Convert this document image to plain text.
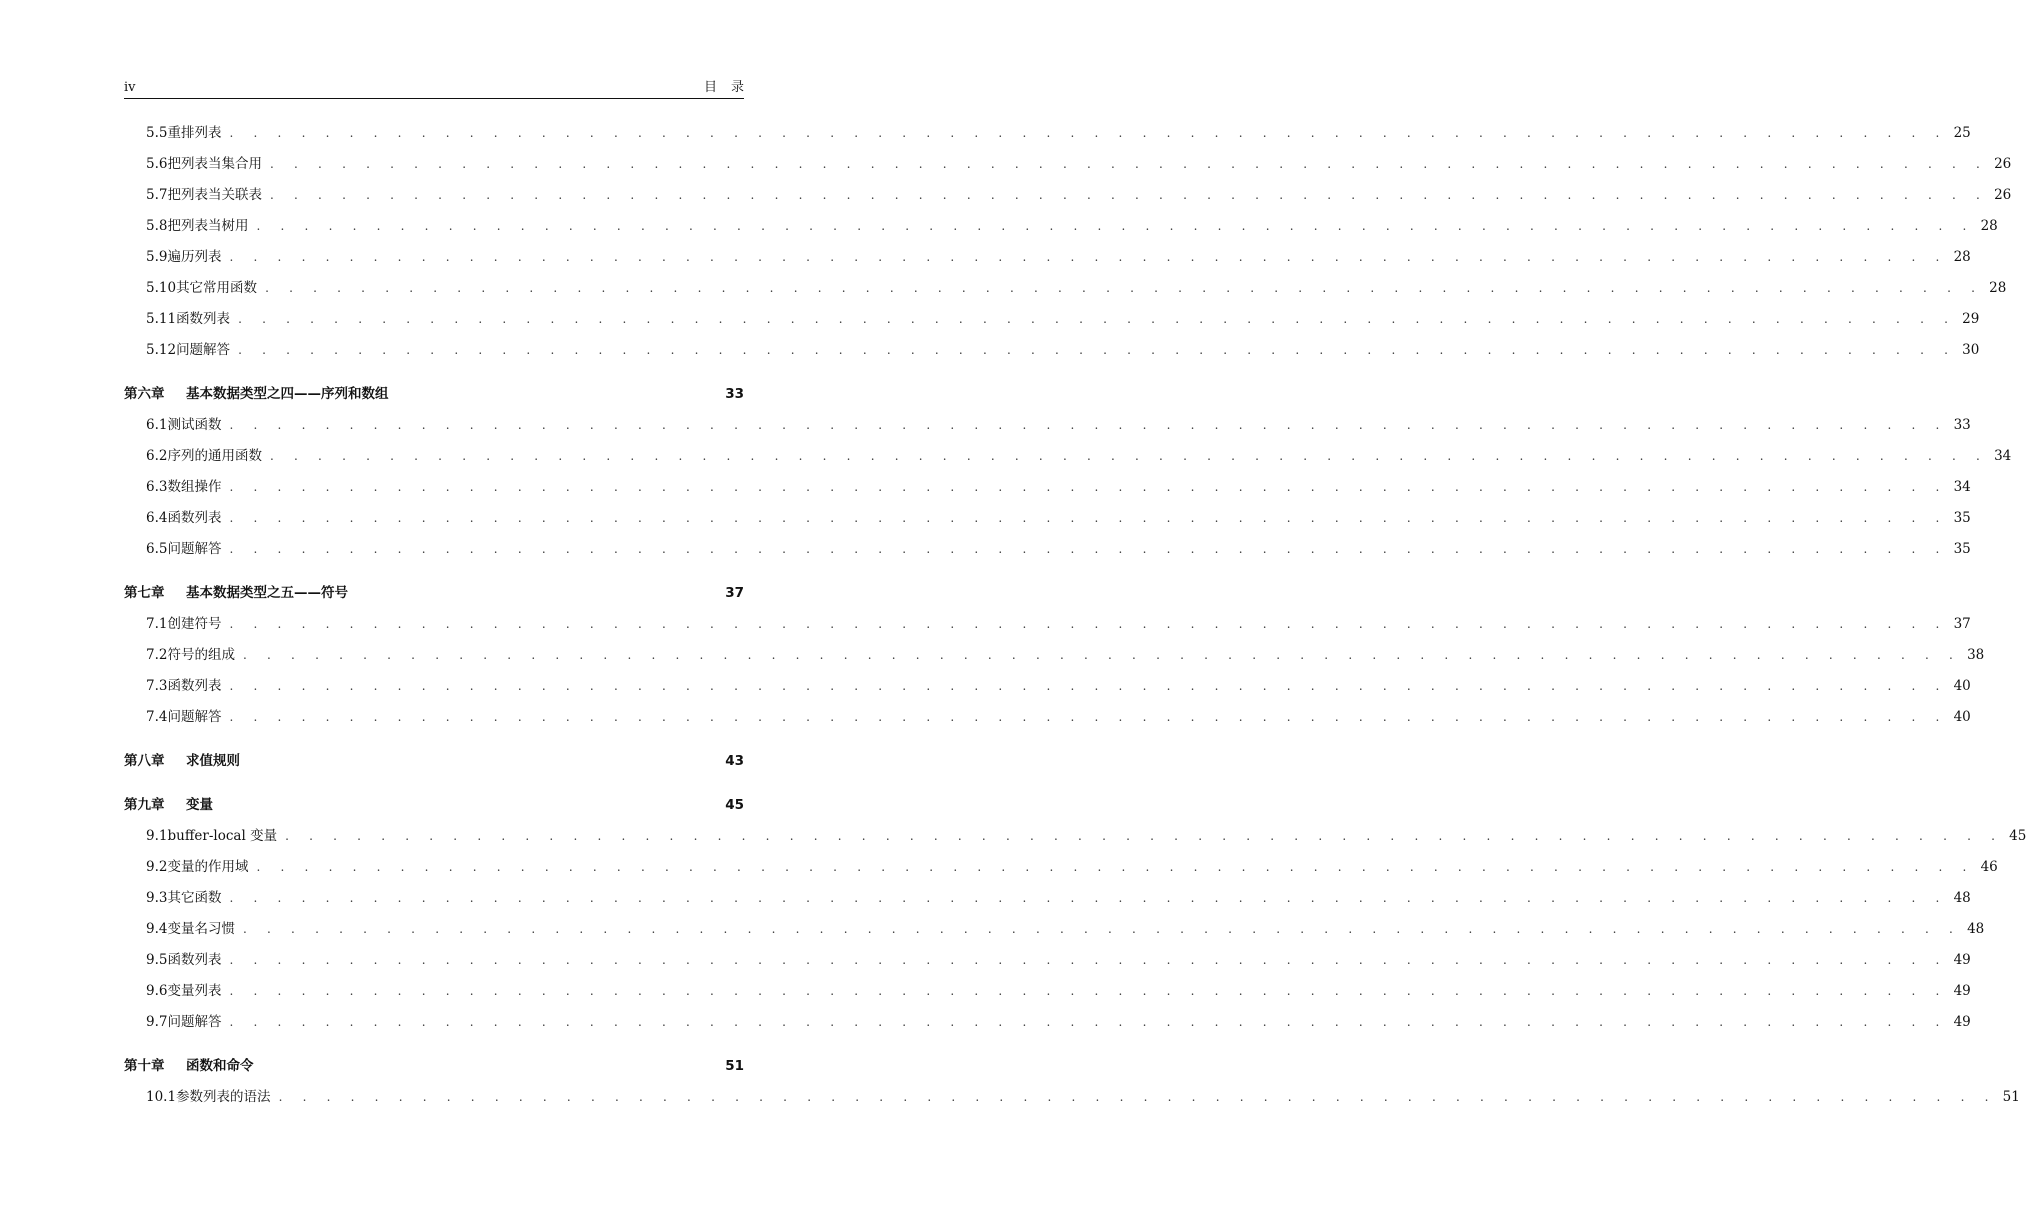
iv	目录
5.5 重排列表 . . . . . . . . . . . . . . . . . . . . . . . . . . . . . . . . . . . . . . . . . . . . . . . . . . . . . . . . . . . . . . . . . . . . . . . . 25
5.6 把列表当集合用 . . . . . . . . . . . . . . . . . . . . . . . . . . . . . . . . . . . . . . . . . . . . . . . . . . . . . . . . . . . . . . . . . . . . . . . . 26
5.7 把列表当关联表 . . . . . . . . . . . . . . . . . . . . . . . . . . . . . . . . . . . . . . . . . . . . . . . . . . . . . . . . . . . . . . . . . . . . . . . . 26
5.8 把列表当树用 . . . . . . . . . . . . . . . . . . . . . . . . . . . . . . . . . . . . . . . . . . . . . . . . . . . . . . . . . . . . . . . . . . . . . . . . 28
5.9 遍历列表 . . . . . . . . . . . . . . . . . . . . . . . . . . . . . . . . . . . . . . . . . . . . . . . . . . . . . . . . . . . . . . . . . . . . . . . . 28
5.10 其它常用函数 . . . . . . . . . . . . . . . . . . . . . . . . . . . . . . . . . . . . . . . . . . . . . . . . . . . . . . . . . . . . . . . . . . . . . . . . 28
5.11 函数列表 . . . . . . . . . . . . . . . . . . . . . . . . . . . . . . . . . . . . . . . . . . . . . . . . . . . . . . . . . . . . . . . . . . . . . . . . 29
5.12 问题解答 . . . . . . . . . . . . . . . . . . . . . . . . . . . . . . . . . . . . . . . . . . . . . . . . . . . . . . . . . . . . . . . . . . . . . . . . 30
第六章	基本数据类型之四——序列和数组	33
6.1 测试函数 . . . . . . . . . . . . . . . . . . . . . . . . . . . . . . . . . . . . . . . . . . . . . . . . . . . . . . . . . . . . . . . . . . . . . . . . 33
6.2 序列的通用函数 . . . . . . . . . . . . . . . . . . . . . . . . . . . . . . . . . . . . . . . . . . . . . . . . . . . . . . . . . . . . . . . . . . . . . . . . 34
6.3 数组操作 . . . . . . . . . . . . . . . . . . . . . . . . . . . . . . . . . . . . . . . . . . . . . . . . . . . . . . . . . . . . . . . . . . . . . . . . 34
6.4 函数列表 . . . . . . . . . . . . . . . . . . . . . . . . . . . . . . . . . . . . . . . . . . . . . . . . . . . . . . . . . . . . . . . . . . . . . . . . 35
6.5 问题解答 . . . . . . . . . . . . . . . . . . . . . . . . . . . . . . . . . . . . . . . . . . . . . . . . . . . . . . . . . . . . . . . . . . . . . . . . 35
第七章	基本数据类型之五——符号	37
7.1 创建符号 . . . . . . . . . . . . . . . . . . . . . . . . . . . . . . . . . . . . . . . . . . . . . . . . . . . . . . . . . . . . . . . . . . . . . . . . 37
7.2 符号的组成 . . . . . . . . . . . . . . . . . . . . . . . . . . . . . . . . . . . . . . . . . . . . . . . . . . . . . . . . . . . . . . . . . . . . . . . . 38
7.3 函数列表 . . . . . . . . . . . . . . . . . . . . . . . . . . . . . . . . . . . . . . . . . . . . . . . . . . . . . . . . . . . . . . . . . . . . . . . . 40
7.4 问题解答 . . . . . . . . . . . . . . . . . . . . . . . . . . . . . . . . . . . . . . . . . . . . . . . . . . . . . . . . . . . . . . . . . . . . . . . . 40
第八章	求值规则	43
第九章	变量	45
9.1 buffer-local 变量 . . . . . . . . . . . . . . . . . . . . . . . . . . . . . . . . . . . . . . . . . . . . . . . . . . . . . . . . . . . . . . . . . . . . . . . . 45
9.2 变量的作用域 . . . . . . . . . . . . . . . . . . . . . . . . . . . . . . . . . . . . . . . . . . . . . . . . . . . . . . . . . . . . . . . . . . . . . . . . 46
9.3 其它函数 . . . . . . . . . . . . . . . . . . . . . . . . . . . . . . . . . . . . . . . . . . . . . . . . . . . . . . . . . . . . . . . . . . . . . . . . 48
9.4 变量名习惯 . . . . . . . . . . . . . . . . . . . . . . . . . . . . . . . . . . . . . . . . . . . . . . . . . . . . . . . . . . . . . . . . . . . . . . . . 48
9.5 函数列表 . . . . . . . . . . . . . . . . . . . . . . . . . . . . . . . . . . . . . . . . . . . . . . . . . . . . . . . . . . . . . . . . . . . . . . . . 49
9.6 变量列表 . . . . . . . . . . . . . . . . . . . . . . . . . . . . . . . . . . . . . . . . . . . . . . . . . . . . . . . . . . . . . . . . . . . . . . . . 49
9.7 问题解答 . . . . . . . . . . . . . . . . . . . . . . . . . . . . . . . . . . . . . . . . . . . . . . . . . . . . . . . . . . . . . . . . . . . . . . . . 49
第十章	函数和命令	51
10.1 参数列表的语法 . . . . . . . . . . . . . . . . . . . . . . . . . . . . . . . . . . . . . . . . . . . . . . . . . . . . . . . . . . . . . . . . . . . . . . . . 51
